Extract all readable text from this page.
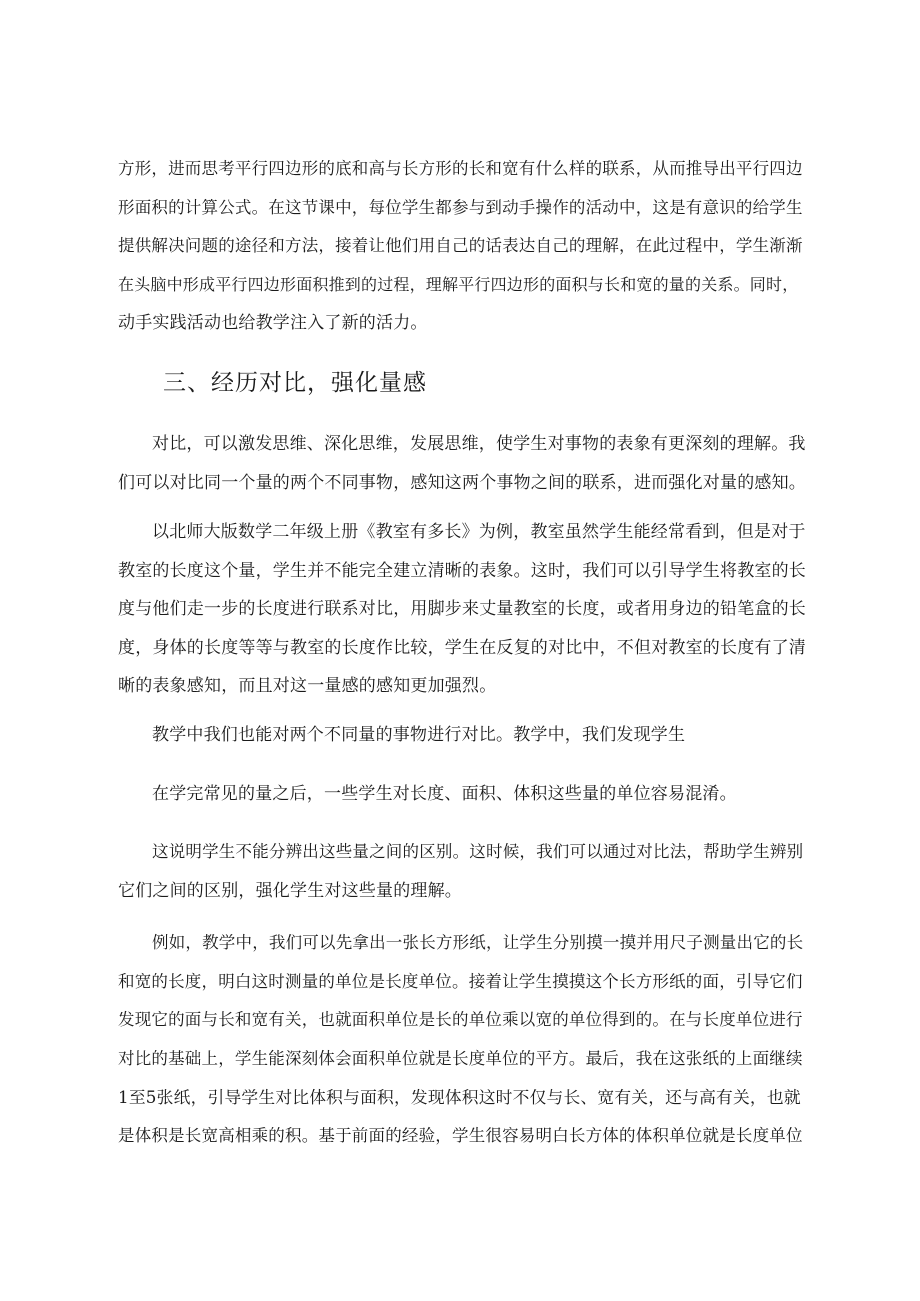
方形，进而思考平行四边形的底和高与长方形的长和宽有什么样的联系，从而推导出平行四边
形面积的计算公式。在这节课中，每位学生都参与到动手操作的活动中，这是有意识的给学生
提供解决问题的途径和方法，接着让他们用自己的话表达自己的理解，在此过程中，学生渐渐
在头脑中形成平行四边形面积推到的过程，理解平行四边形的面积与长和宽的量的关系。同时，
动手实践活动也给教学注入了新的活力。

三、经历对比，强化量感

对比，可以激发思维、深化思维，发展思维，使学生对事物的表象有更深刻的理解。我
们可以对比同一个量的两个不同事物，感知这两个事物之间的联系，进而强化对量的感知。

以北师大版数学二年级上册《教室有多长》为例，教室虽然学生能经常看到，但是对于
教室的长度这个量，学生并不能完全建立清晰的表象。这时，我们可以引导学生将教室的长
度与他们走一步的长度进行联系对比，用脚步来丈量教室的长度，或者用身边的铅笔盒的长
度，身体的长度等等与教室的长度作比较，学生在反复的对比中，不但对教室的长度有了清
晰的表象感知，而且对这一量感的感知更加强烈。

教学中我们也能对两个不同量的事物进行对比。教学中，我们发现学生

在学完常见的量之后，一些学生对长度、面积、体积这些量的单位容易混淆。

这说明学生不能分辨出这些量之间的区别。这时候，我们可以通过对比法，帮助学生辨别
它们之间的区别，强化学生对这些量的理解。

例如，教学中，我们可以先拿出一张长方形纸，让学生分别摸一摸并用尺子测量出它的长
和宽的长度，明白这时测量的单位是长度单位。接着让学生摸摸这个长方形纸的面，引导它们
发现它的面与长和宽有关，也就面积单位是长的单位乘以宽的单位得到的。在与长度单位进行
对比的基础上，学生能深刻体会面积单位就是长度单位的平方。最后，我在这张纸的上面继续
1至5张纸，引导学生对比体积与面积，发现体积这时不仅与长、宽有关，还与高有关，也就
是体积是长宽高相乘的积。基于前面的经验，学生很容易明白长方体的体积单位就是长度单位
